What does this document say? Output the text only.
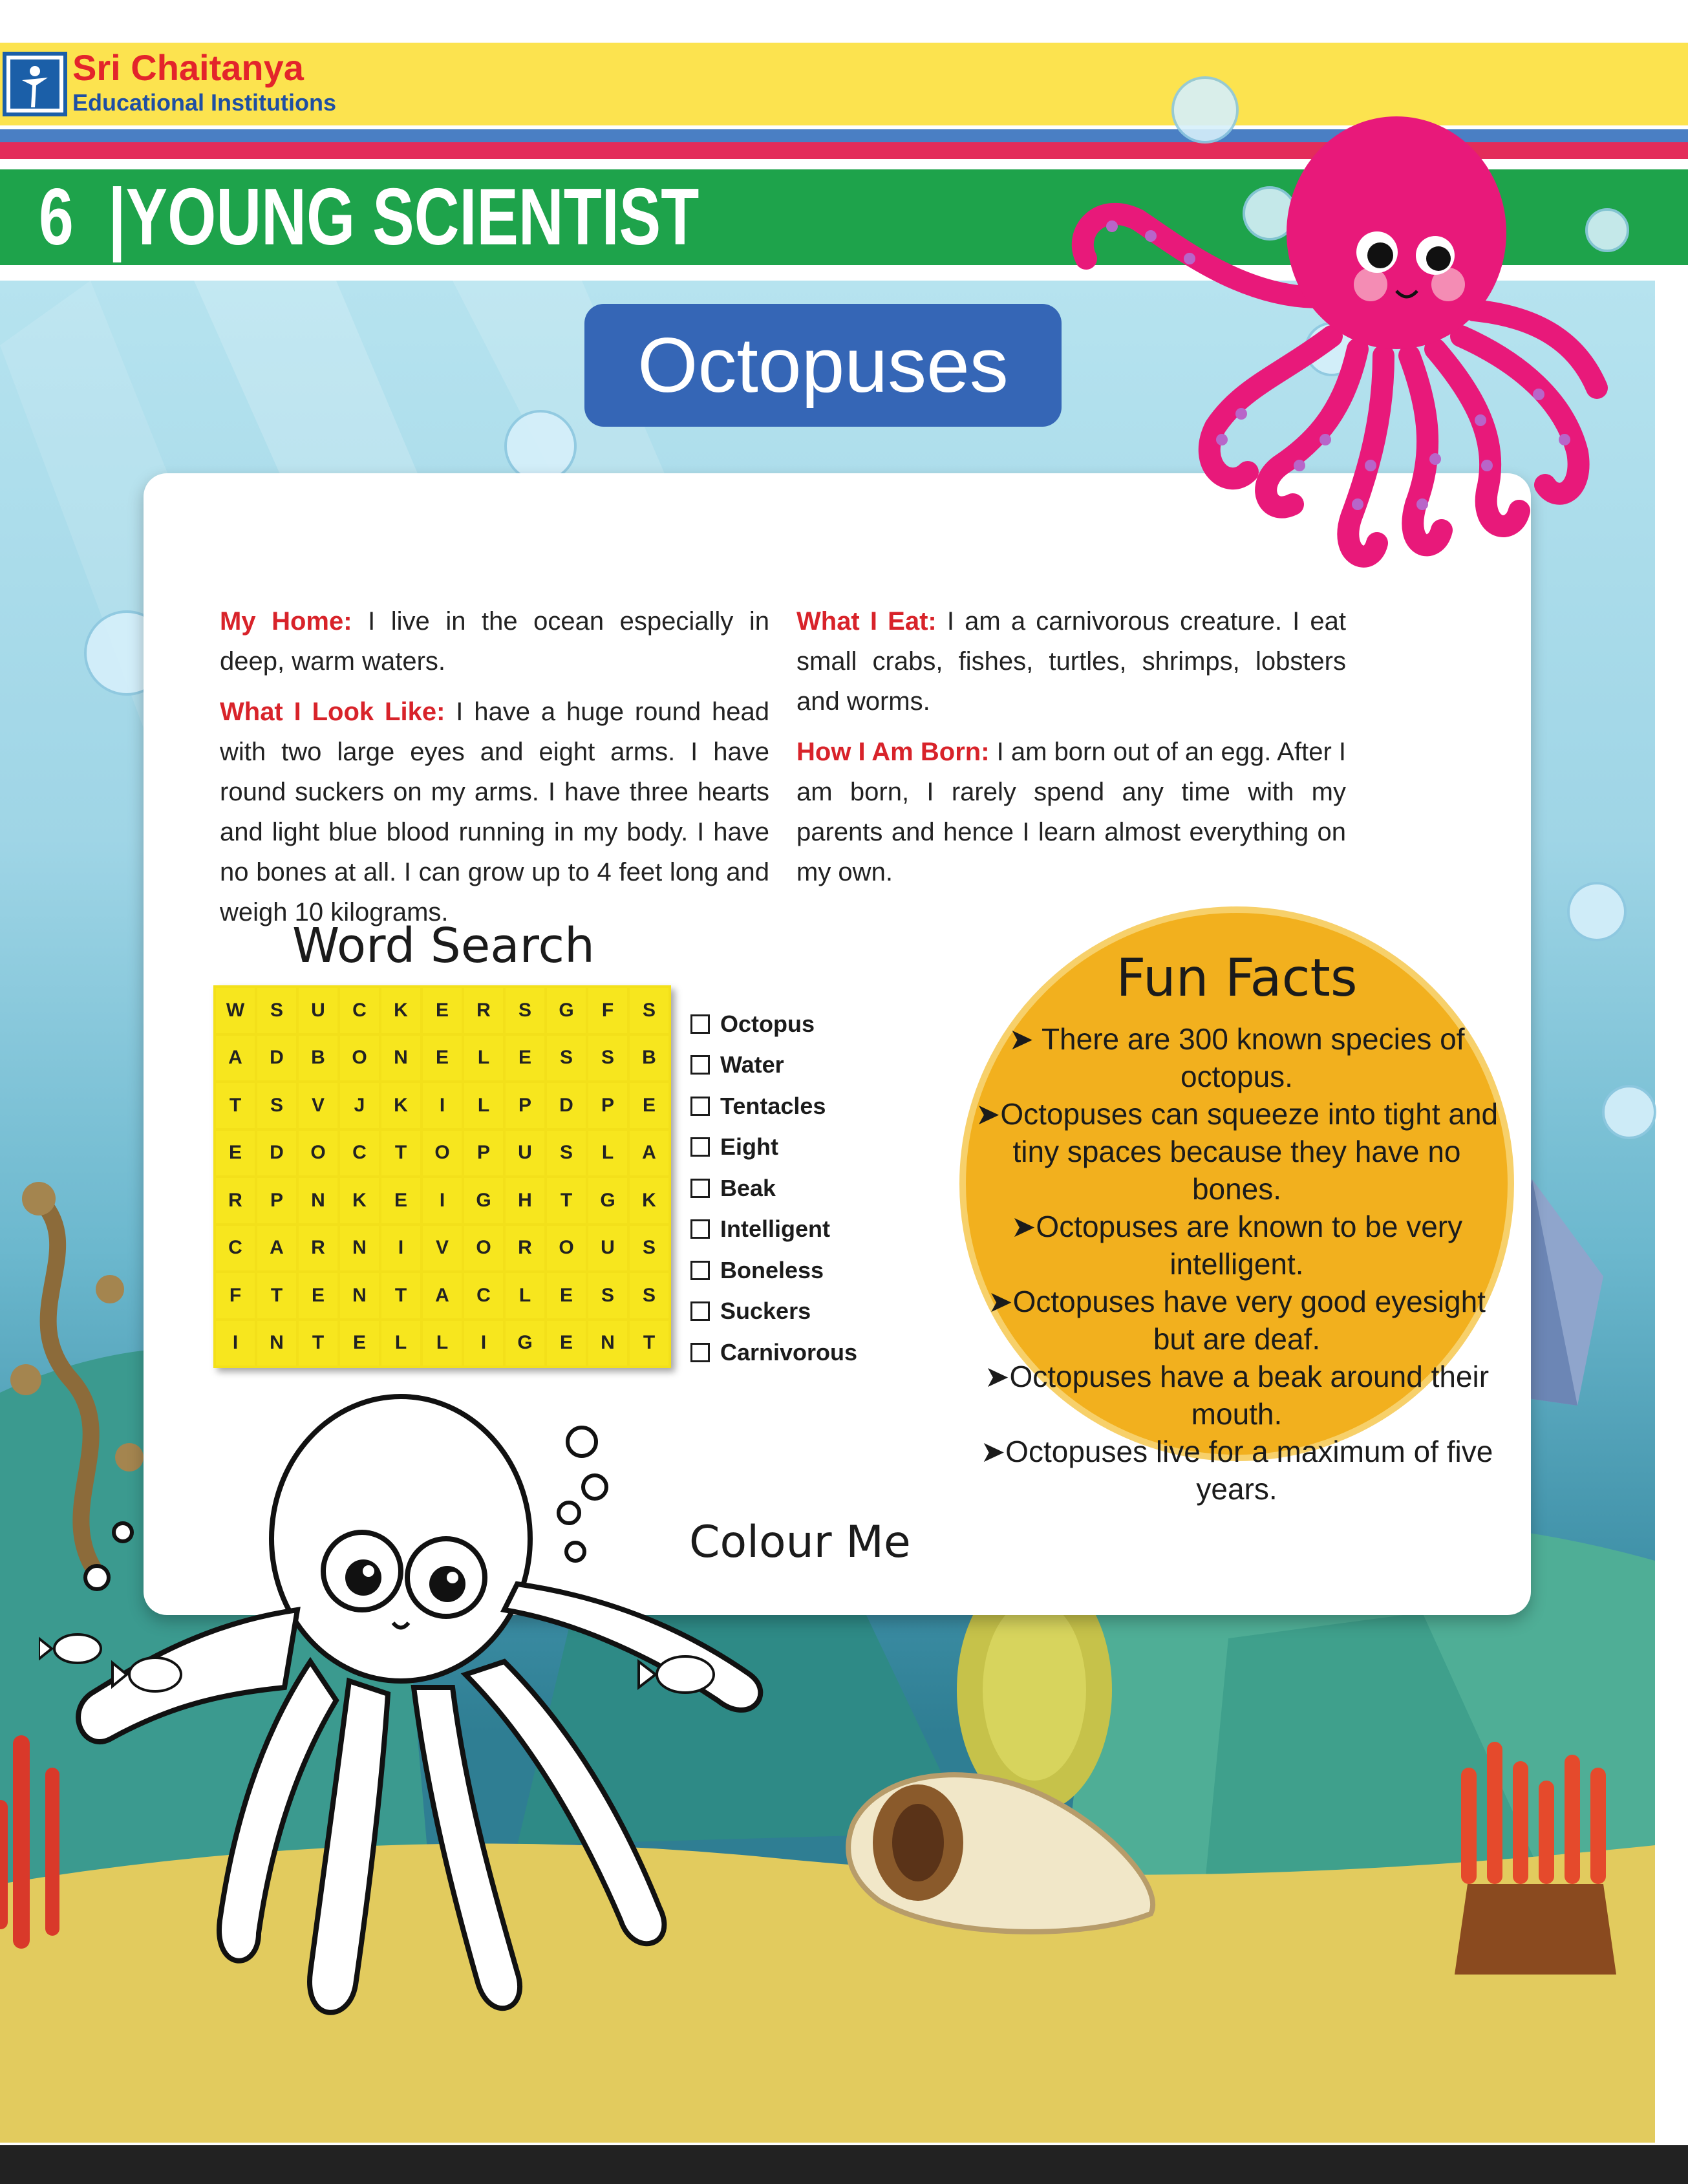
Sri Chaitanya
Educational Institutions
6  |YOUNG SCIENTIST
Octopuses

My Home: I live in the ocean especially in deep, warm waters.

What I Look Like: I have a huge round head with two large eyes and eight arms. I have round suckers on my arms. I have three hearts and light blue blood running in my body. I have no bones at all. I can grow up to 4 feet long and weigh 10 kilograms.

What I Eat: I am a carnivorous creature. I eat small crabs, fishes, turtles, shrimps, lobsters and worms.

How I Am Born: I am born out of an egg. After I am born, I rarely spend any time with my parents and hence I learn almost everything on my own.

Word Search
W	S	U	C	K	E	R	S	G	F	S
A	D	B	O	N	E	L	E	S	S	B
T	S	V	J	K	I	L	P	D	P	E
E	D	O	C	T	O	P	U	S	L	A
R	P	N	K	E	I	G	H	T	G	K
C	A	R	N	I	V	O	R	O	U	S
F	T	E	N	T	A	C	L	E	S	S
I	N	T	E	L	L	I	G	E	N	T
Octopus
Water
Tentacles
Eight
Beak
Intelligent
Boneless
Suckers
Carnivorous
Fun Facts

➤ There are 300 known species of octopus.

➤Octopuses can squeeze into tight and tiny spaces because they have no bones.

➤Octopuses are known to be very intelligent.

➤Octopuses have very good eyesight but are deaf.

➤Octopuses have a beak around their mouth.

➤Octopuses live for a maximum of five years.

Colour Me
